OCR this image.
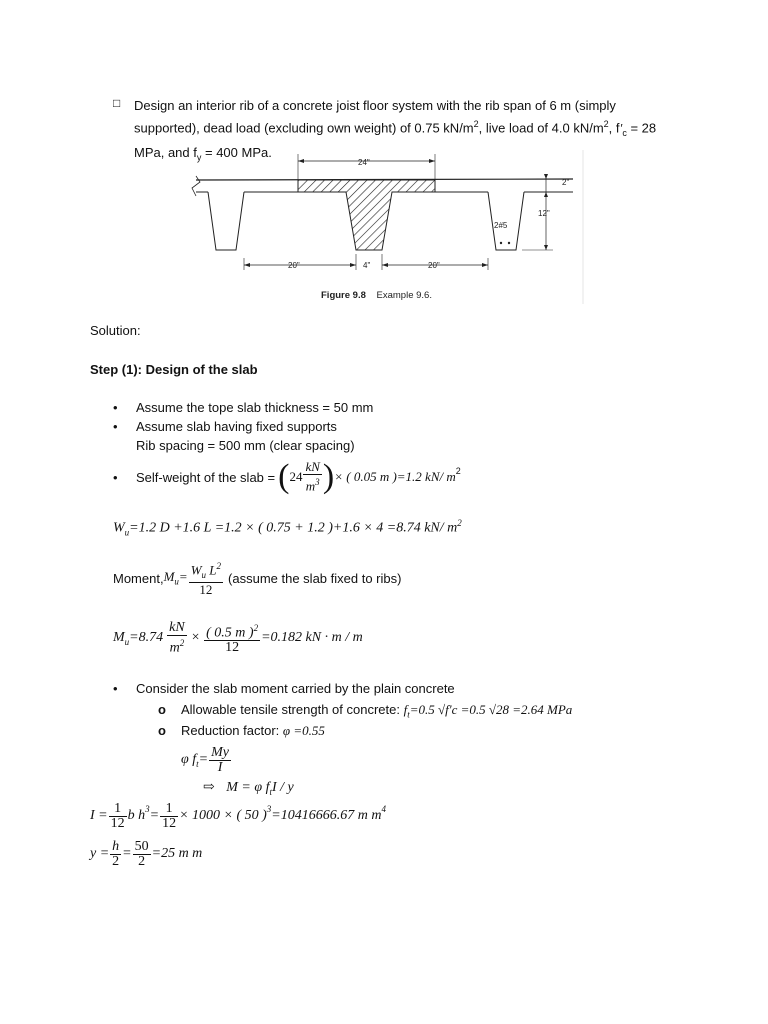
□ Design an interior rib of a concrete joist floor system with the rib span of 6 m (simply supported), dead load (excluding own weight) of 0.75 $kN/m^2$, live load of 4.0 $kN/m^2$, $f'_c = 28$ MPa, and $f_y = 400$ MPa.
24"
2#5
2"
12"
20"	4"	20"
Figure 9.8 Example 9.6.
Solution:
Step (1): Design of the slab
• Assume the tope slab thickness = 50 mm
• Assume slab having fixed supports
Rib spacing = 500 mm (clear spacing)
• Self-weight of the slab = ( $24 \frac{kN}{m^3}$ ) × ( 0.05 m )=1.2 kN/ $m^2$
$W_u=1.2$ D +1.6 L =1.2 × ( 0.75 + 1.2 )+1.6 × 4 =8.74 kN/ $m^2$
Moment, $M_u= \frac{W_u L^2}{12}$ (assume the slab fixed to ribs)
$M_u =8.74 \frac{kN}{m^2} \times \frac{( 0.5 m )^2}{12} =0.182$ kN · m / m
• Consider the slab moment carried by the plain concrete
o Allowable tensile strength of concrete: $f_t=0.5$ √f′c =0.5 √28 =2.64 MPa
o Reduction factor: φ =0.55
φ $f_t= \frac{My}{I}$
⇨ M = φ $f_tI$ / y
$I = \frac{1}{12}$ b $h^3 = \frac{1}{12} \times 1000$ × ( 50 )$^3$ =10416666.67 m $m^4$
$y = \frac{h}{2} = \frac{50}{2} =25$ m m
